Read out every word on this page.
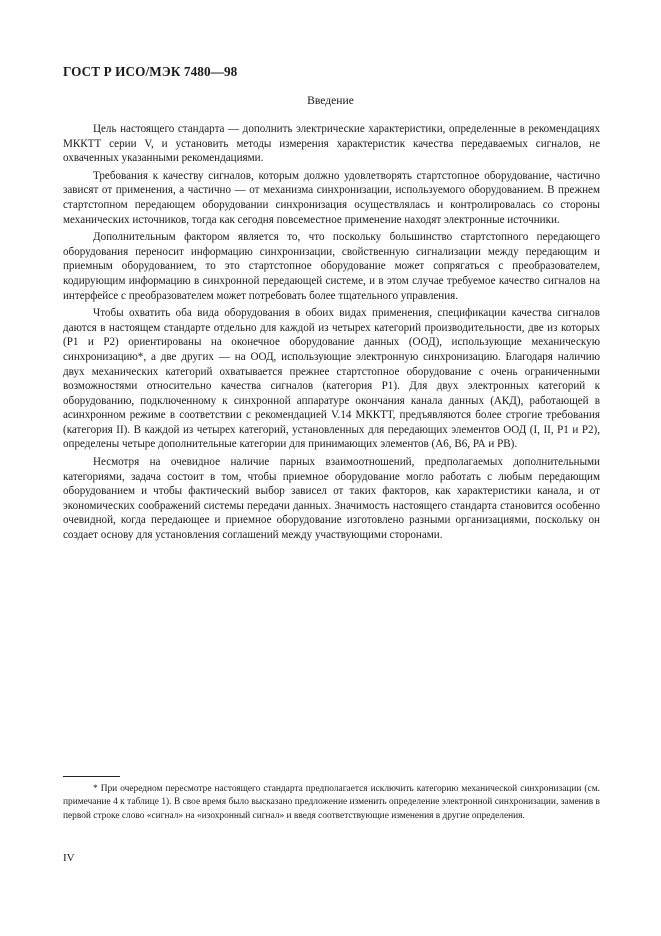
ГОСТ Р ИСО/МЭК 7480—98
Введение

Цель настоящего стандарта — дополнить электрические характеристики, определенные в рекомендациях МККТТ серии V, и установить методы измерения характеристик качества передаваемых сигналов, не охваченных указанными рекомендациями.

Требования к качеству сигналов, которым должно удовлетворять стартстопное оборудование, частично зависят от применения, а частично — от механизма синхронизации, используемого оборудованием. В прежнем стартстопном передающем оборудовании синхронизация осуществлялась и контролировалась со стороны механических источников, тогда как сегодня повсеместное применение находят электронные источники.

Дополнительным фактором является то, что поскольку большинство стартстопного передающего оборудования переносит информацию синхронизации, свойственную сигнализации между передающим и приемным оборудованием, то это стартстопное оборудование может сопрягаться с преобразователем, кодирующим информацию в синхронной передающей системе, и в этом случае требуемое качество сигналов на интерфейсе с преобразователем может потребовать более тщательного управления.

Чтобы охватить оба вида оборудования в обоих видах применения, спецификации качества сигналов даются в настоящем стандарте отдельно для каждой из четырех категорий производительности, две из которых (Р1 и Р2) ориентированы на оконечное оборудование данных (ООД), использующие механическую синхронизацию*, а две других — на ООД, использующие электронную синхронизацию. Благодаря наличию двух механических категорий охватывается прежнее стартстопное оборудование с очень ограниченными возможностями относительно качества сигналов (категория Р1). Для двух электронных категорий к оборудованию, подключенному к синхронной аппаратуре окончания канала данных (АКД), работающей в асинхронном режиме в соответствии с рекомендацией V.14 МККТТ, предъявляются более строгие требования (категория II). В каждой из четырех категорий, установленных для передающих элементов ООД (I, II, Р1 и Р2), определены четыре дополнительные категории для принимающих элементов (А6, В6, РА и РВ).

Несмотря на очевидное наличие парных взаимоотношений, предполагаемых дополнительными категориями, задача состоит в том, чтобы приемное оборудование могло работать с любым передающим оборудованием и чтобы фактический выбор зависел от таких факторов, как характеристики канала, и от экономических соображений системы передачи данных. Значимость настоящего стандарта становится особенно очевидной, когда передающее и приемное оборудование изготовлено разными организациями, поскольку он создает основу для установления соглашений между участвующими сторонами.

* При очередном пересмотре настоящего стандарта предполагается исключить категорию механической синхронизации (см. примечание 4 к таблице 1). В свое время было высказано предложение изменить определение электронной синхронизации, заменив в первой строке слово «сигнал» на «изохронный сигнал» и введя соответствующие изменения в другие определения.

IV
